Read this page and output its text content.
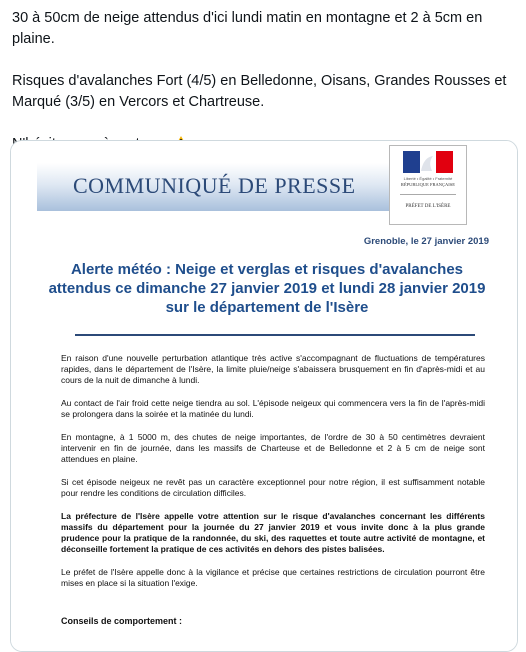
30 à 50cm de neige attendus d'ici lundi matin en montagne et 2 à 5cm en plaine.

Risques d'avalanches Fort (4/5) en Belledonne, Oisans, Grandes Rousses et Marqué (3/5) en Vercors et Chartreuse.

!

COMMUNIQUÉ DE PRESSE	Liberté • Égalité • Fraternité
RÉPUBLIQUE FRANÇAISE
PRÉFET DE L'ISÈRE
Grenoble, le 27 janvier 2019
Alerte météo : Neige et verglas et risques d'avalanches attendus ce dimanche 27 janvier 2019 et lundi 28 janvier 2019 sur le département de l'Isère

En raison d'une nouvelle perturbation atlantique très active s'accompagnant de fluctuations de températures rapides, dans le département de l'Isère, la limite pluie/neige s'abaissera brusquement en fin d'après-midi et au cours de la nuit de dimanche à lundi.

Au contact de l'air froid cette neige tiendra au sol. L'épisode neigeux qui commencera vers la fin de l'après-midi se prolongera dans la soirée et la matinée du lundi.

En montagne, à 1 5000 m, des chutes de neige importantes, de l'ordre de 30 à 50 centimètres devraient intervenir en fin de journée, dans les massifs de Charteuse et de Belledonne et 2 à 5 cm de neige sont attendues en plaine.

Si cet épisode neigeux ne revêt pas un caractère exceptionnel pour notre région, il est suffisamment notable pour rendre les conditions de circulation difficiles.

La préfecture de l'Isère appelle votre attention sur le risque d'avalanches concernant les différents massifs du département pour la journée du 27 janvier 2019 et vous invite donc à la plus grande prudence pour la pratique de la randonnée, du ski, des raquettes et toute autre activité de montagne, et déconseille fortement la pratique de ces activités en dehors des pistes balisées.

Le préfet de l'Isère appelle donc à la vigilance et précise que certaines restrictions de circulation pourront être mises en place si la situation l'exige.

Conseils de comportement :
